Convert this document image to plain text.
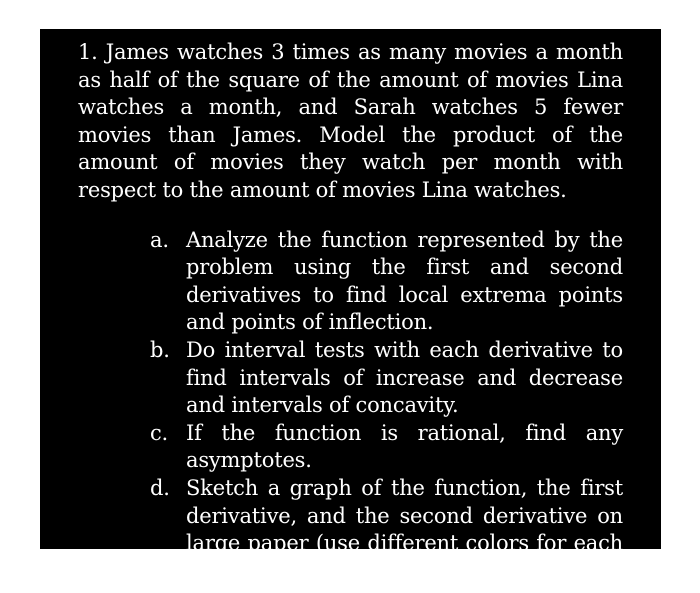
1. James watches 3 times as many movies a month as half of the square of the amount of movies Lina watches a month, and Sarah watches 5 fewer movies than James. Model the product of the amount of movies they watch per month with respect to the amount of movies Lina watches.

a. Analyze the function represented by the problem using the first and second derivatives to find local extrema points and points of inflection.
b. Do interval tests with each derivative to find intervals of increase and decrease and intervals of concavity.
c. If the function is rational, find any asymptotes.
d. Sketch a graph of the function, the first derivative, and the second derivative on large paper (use different colors for each function)
